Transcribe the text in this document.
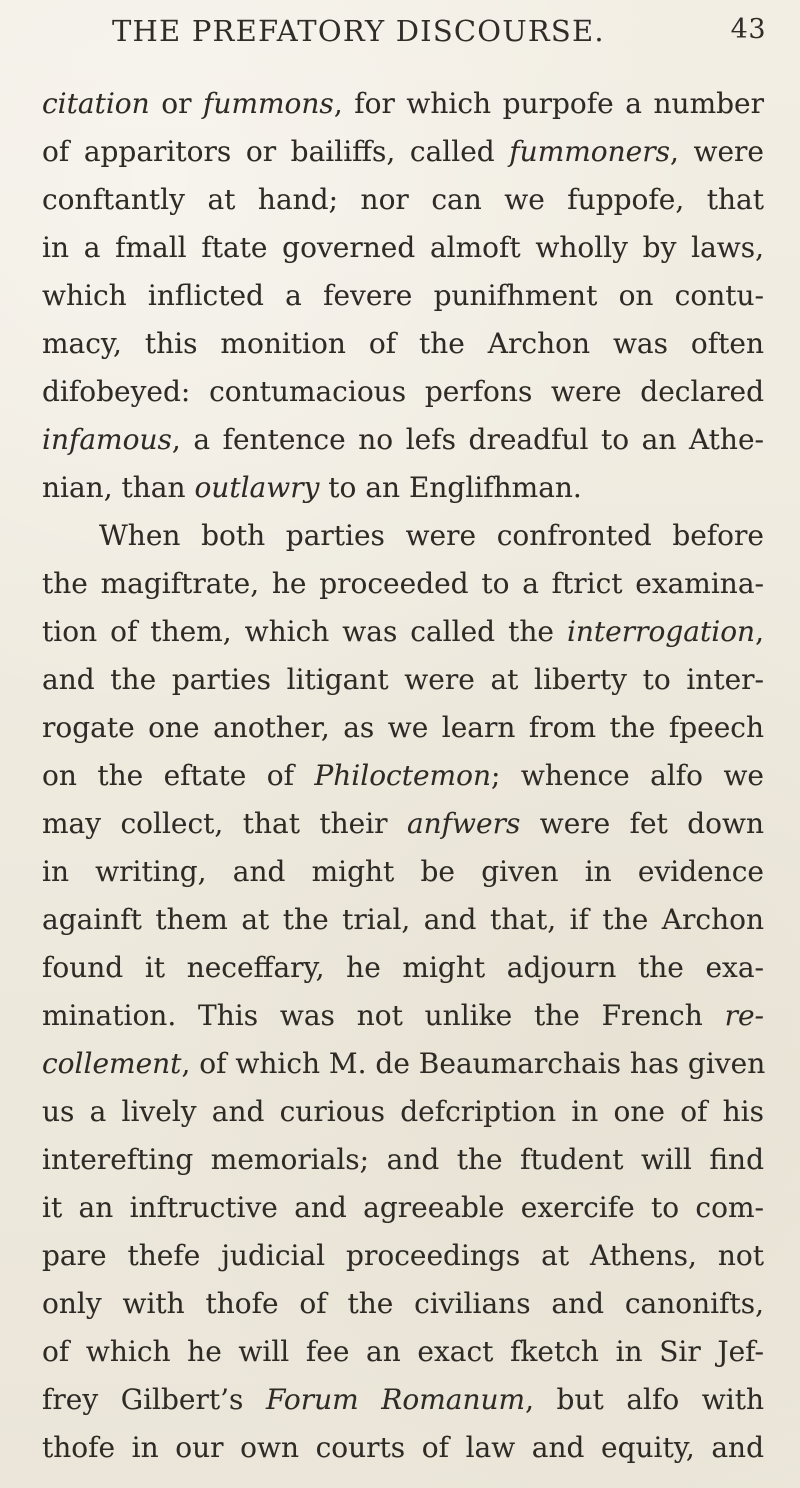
THE PREFATORY DISCOURSE.	43
citation or fummons, for which purpofe a number
of apparitors or bailiffs, called fummoners, were
conftantly at hand; nor can we fuppofe, that
in a fmall ftate governed almoft wholly by laws,
which inflicted a fevere punifhment on contu-
macy, this monition of the Archon was often
difobeyed: contumacious perfons were declared
infamous, a fentence no lefs dreadful to an Athe-
nian, than outlawry to an Englifhman.
When both parties were confronted before
the magiftrate, he proceeded to a ftrict examina-
tion of them, which was called the interrogation,
and the parties litigant were at liberty to inter-
rogate one another, as we learn from the fpeech
on the eftate of Philoctemon; whence alfo we
may collect, that their anfwers were fet down
in writing, and might be given in evidence
againft them at the trial, and that, if the Archon
found it neceffary, he might adjourn the exa-
mination. This was not unlike the French re-
collement, of which M. de Beaumarchais has given
us a lively and curious defcription in one of his
interefting memorials; and the ftudent will find
it an inftructive and agreeable exercife to com-
pare thefe judicial proceedings at Athens, not
only with thofe of the civilians and canonifts,
of which he will fee an exact fketch in Sir Jef-
frey Gilbert’s Forum Romanum, but alfo with
thofe in our own courts of law and equity, and
